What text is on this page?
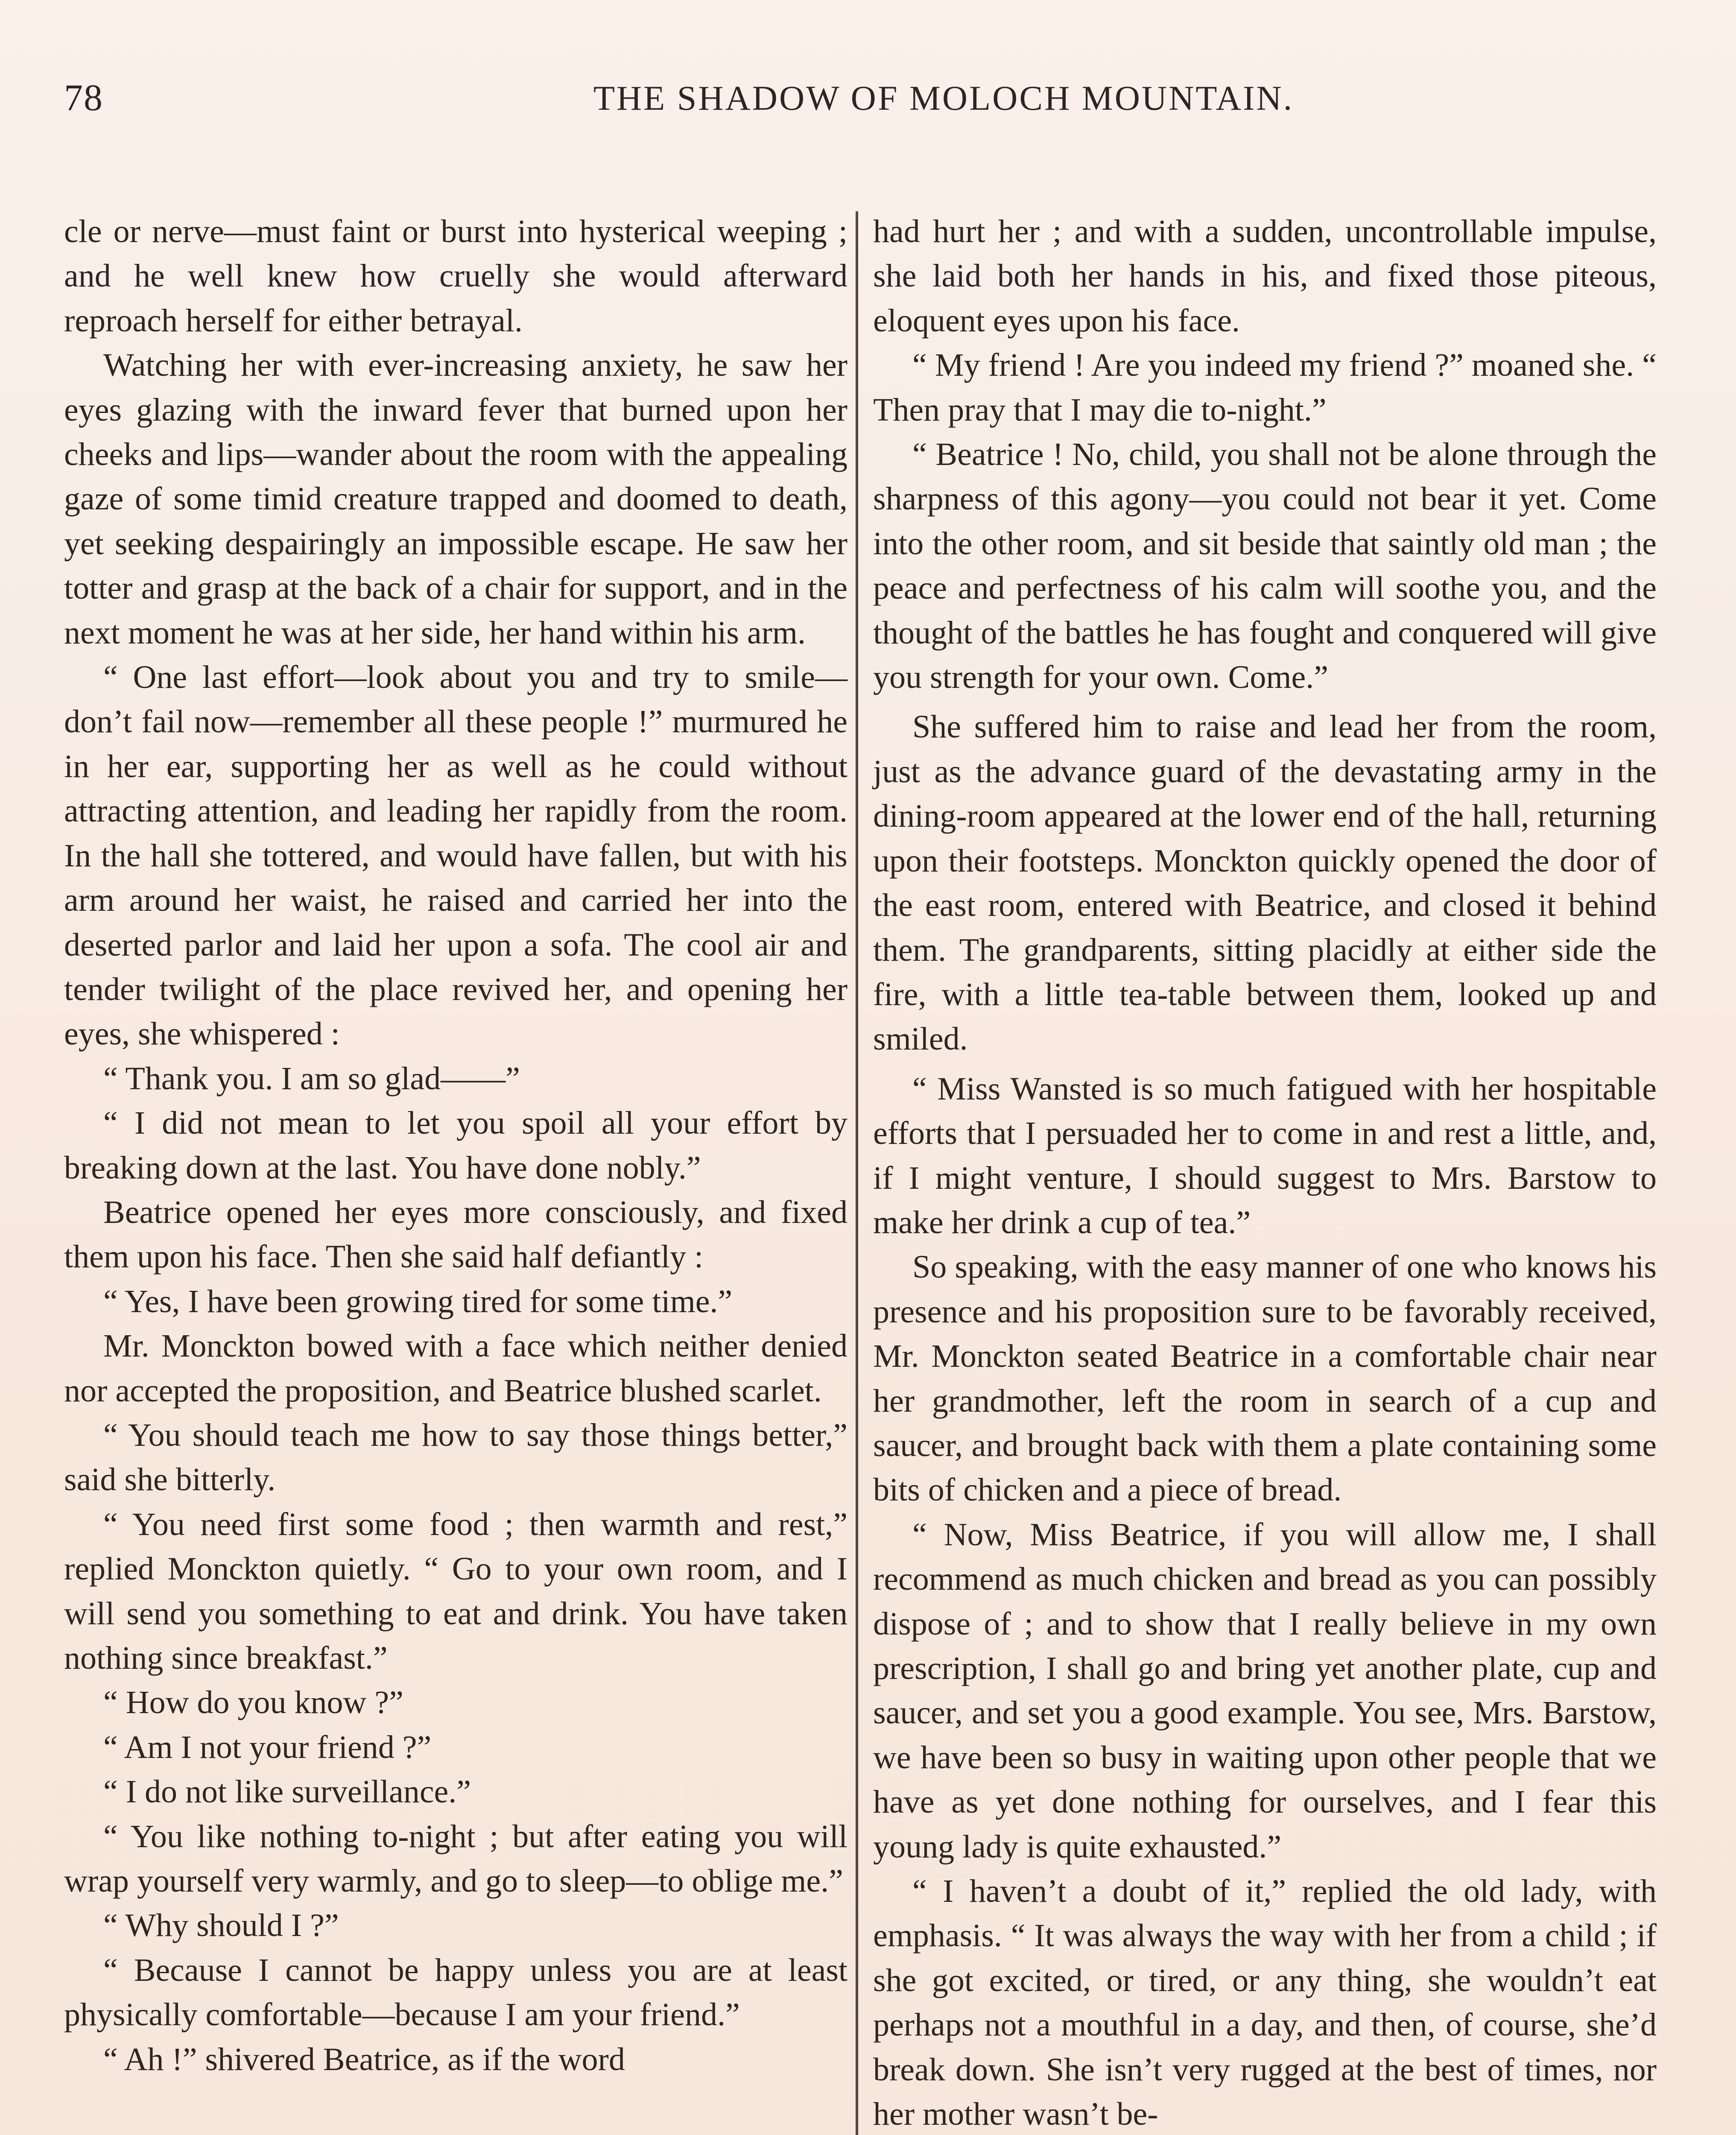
78	THE SHADOW OF MOLOCH MOUNTAIN.

cle or nerve—must faint or burst into hysterical weeping ; and he well knew how cruelly she would afterward reproach herself for either betrayal.

Watching her with ever-increasing anxiety, he saw her eyes glazing with the inward fever that burned upon her cheeks and lips—wander about the room with the appealing gaze of some timid creature trapped and doomed to death, yet seeking despairingly an impossible escape. He saw her totter and grasp at the back of a chair for support, and in the next moment he was at her side, her hand within his arm.

“ One last effort—look about you and try to smile—don’t fail now—remember all these people !” murmured he in her ear, supporting her as well as he could without attracting attention, and leading her rapidly from the room. In the hall she tottered, and would have fallen, but with his arm around her waist, he raised and carried her into the deserted parlor and laid her upon a sofa. The cool air and tender twilight of the place revived her, and opening her eyes, she whispered :

“ Thank you. I am so glad——”

“ I did not mean to let you spoil all your effort by breaking down at the last. You have done nobly.”

Beatrice opened her eyes more consciously, and fixed them upon his face. Then she said half defiantly :

“ Yes, I have been growing tired for some time.”

Mr. Monckton bowed with a face which neither denied nor accepted the proposition, and Beatrice blushed scarlet.

“ You should teach me how to say those things better,” said she bitterly.

“ You need first some food ; then warmth and rest,” replied Monckton quietly. “ Go to your own room, and I will send you something to eat and drink. You have taken nothing since breakfast.”

“ How do you know ?”

“ Am I not your friend ?”

“ I do not like surveillance.”

“ You like nothing to-night ; but after eating you will wrap yourself very warmly, and go to sleep—to oblige me.”

“ Why should I ?”

“ Because I cannot be happy unless you are at least physically comfortable—because I am your friend.”

“ Ah !” shivered Beatrice, as if the word

had hurt her ; and with a sudden, uncontrollable impulse, she laid both her hands in his, and fixed those piteous, eloquent eyes upon his face.

“ My friend ! Are you indeed my friend ?” moaned she. “ Then pray that I may die to-night.”

“ Beatrice ! No, child, you shall not be alone through the sharpness of this agony—you could not bear it yet. Come into the other room, and sit beside that saintly old man ; the peace and perfectness of his calm will soothe you, and the thought of the battles he has fought and conquered will give you strength for your own. Come.”

She suffered him to raise and lead her from the room, just as the advance guard of the devastating army in the dining-room appeared at the lower end of the hall, returning upon their footsteps. Monckton quickly opened the door of the east room, entered with Beatrice, and closed it behind them. The grandparents, sitting placidly at either side the fire, with a little tea-table between them, looked up and smiled.

“ Miss Wansted is so much fatigued with her hospitable efforts that I persuaded her to come in and rest a little, and, if I might venture, I should suggest to Mrs. Barstow to make her drink a cup of tea.”

So speaking, with the easy manner of one who knows his presence and his proposition sure to be favorably received, Mr. Monckton seated Beatrice in a comfortable chair near her grandmother, left the room in search of a cup and saucer, and brought back with them a plate containing some bits of chicken and a piece of bread.

“ Now, Miss Beatrice, if you will allow me, I shall recommend as much chicken and bread as you can possibly dispose of ; and to show that I really believe in my own prescription, I shall go and bring yet another plate, cup and saucer, and set you a good example. You see, Mrs. Barstow, we have been so busy in waiting upon other people that we have as yet done nothing for ourselves, and I fear this young lady is quite exhausted.”

“ I haven’t a doubt of it,” replied the old lady, with emphasis. “ It was always the way with her from a child ; if she got excited, or tired, or any thing, she wouldn’t eat perhaps not a mouthful in a day, and then, of course, she’d break down. She isn’t very rugged at the best of times, nor her mother wasn’t be-
